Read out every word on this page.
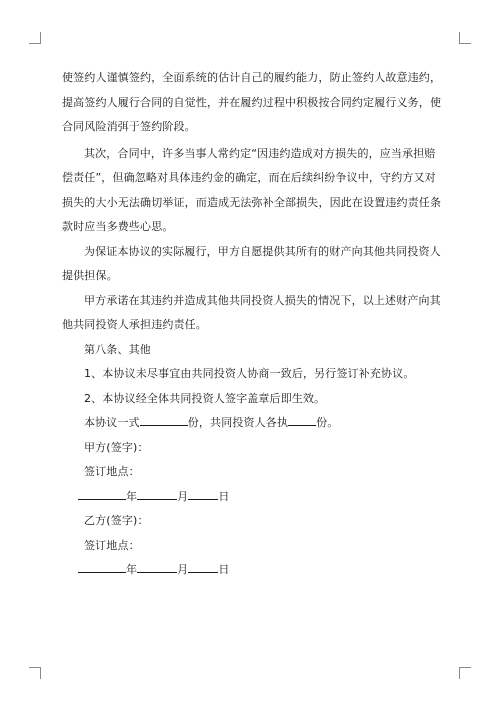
使签约人谨慎签约，全面系统的估计自己的履约能力，防止签约人故意违约，提高签约人履行合同的自觉性，并在履约过程中积极按合同约定履行义务，使合同风险消弭于签约阶段。

其次，合同中，许多当事人常约定“因违约造成对方损失的，应当承担赔偿责任”，但确忽略对具体违约金的确定，而在后续纠纷争议中，守约方又对损失的大小无法确切举证，而造成无法弥补全部损失，因此在设置违约责任条款时应当多费些心思。

为保证本协议的实际履行，甲方自愿提供其所有的财产向其他共同投资人提供担保。

甲方承诺在其违约并造成其他共同投资人损失的情况下，以上述财产向其他共同投资人承担违约责任。

第八条、其他

1、本协议未尽事宜由共同投资人协商一致后，另行签订补充协议。

2、本协议经全体共同投资人签字盖章后即生效。

本协议一式	份，共同投资人各执	份。

甲方(签字)：

签订地点：

年	月	日

乙方(签字)：

签订地点：

年	月	日
